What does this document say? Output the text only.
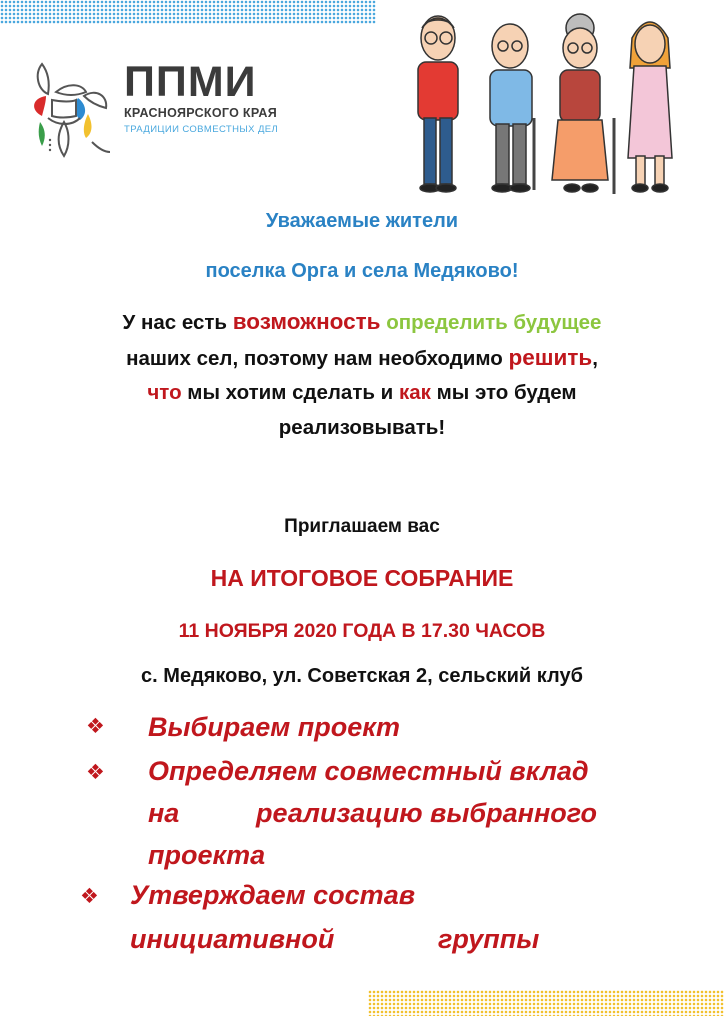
ППМИ
КРАСНОЯРСКОГО КРАЯ
ТРАДИЦИИ СОВМЕСТНЫХ ДЕЛ
Уважаемые жители
поселка Орга и села Медяково!
У нас есть возможность определить будущее
наших сел, поэтому нам необходимо решить,
что мы хотим сделать и как мы это будем
реализовывать!
Приглашаем вас
НА ИТОГОВОЕ СОБРАНИЕ
11 НОЯБРЯ 2020 ГОДА В 17.30 ЧАСОВ
с. Медяково, ул. Советская 2, сельский клуб
❖ Выбираем проект
❖ Определяем совместный вклад
на	реализацию выбранного
проекта
❖ Утверждаем состав
инициативной	группы
